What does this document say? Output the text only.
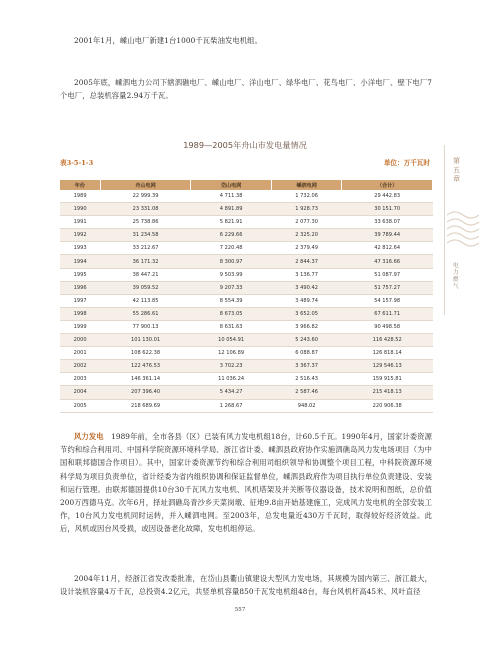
2001年1月，嵊山电厂新建1台1000千瓦柴油发电机组。

2005年底，嵊泗电力公司下辖泗礁电厂、嵊山电厂、洋山电厂、绿华电厂、花鸟电厂、小洋电厂、壁下电厂7个电厂，总装机容量2.94万千瓦。

1989—2005年舟山市发电量情况
表3-5-1-3	单位：万千瓦时
年份	舟山电网	岱山电网	嵊泗电网	（合计）
1989	22 999.39	4 711.38	1 732.06	29 442.83
1990	23 331.08	4 891.89	1 928.73	30 151.70
1991	25 738.86	5 821.91	2 077.30	33 638.07
1992	31 234.58	6 229.66	2 325.20	39 789.44
1993	33 212.67	7 220.48	2 379.49	42 812.64
1994	36 171.32	8 300.97	2 844.37	47 316.66
1995	38 447.21	9 503.99	3 136.77	51 087.97
1996	39 059.52	9 207.33	3 490.42	51 757.27
1997	42 113.85	8 554.39	3 489.74	54 157.98
1998	55 286.61	8 673.05	3 652.05	67 611.71
1999	77 900.13	8 631.63	3 966.82	90 498.58
2000	101 130.01	10 054.91	5 243.60	116 428.52
2001	108 622.38	12 106.89	6 088.87	126 818.14
2002	122 476.53	3 702.23	3 367.37	129 546.13
2003	146 361.14	11 036.24	2 516.43	159 915.81
2004	207 396.40	5 434.27	2 587.46	215 418.13
2005	218 689.69	1 268.67	948.02	220 906.38

风力发电　 1989年前，全市各县（区）已装有风力发电机组18台，计60.5千瓦。1990年4月，国家计委资源节约和综合利用司、中国科学院资源环境科学局、浙江省计委、嵊泗县政府协作实施泗礁岛风力发电场项目（为中国和联邦德国合作项目）。其中，国家计委资源节约和综合利用司组织领导和协调整个项目工程，中科院资源环境科学局为项目负责单位，省计经委为省内组织协调和保证监督单位，嵊泗县政府作为项目执行单位负责建设、安装和运行管理。由联邦德国提供10台30千瓦风力发电机、风机塔架及并关断等仪器设备，技术说明和图纸，总价值200万西德马克。次年6月，择址泗礁岛青沙乡天菜岗墩、征地9.8亩开始基建施工，完成风力发电机的全部安装工作，10台风力发电机同时运转，并入嵊泗电网。至2003年，总发电量近430万千瓦时，取得较好经济效益。此后，风机或因台风受损，或因设备老化故障，发电机组停运。

2004年11月，经浙江省发改委批准，在岱山县衢山镇建设大型风力发电场，其规模为国内第三、浙江最大，设计装机容量4万千瓦，总投资4.2亿元，共竖单机容量850千瓦发电机组48台，每台风机杆高45米、风叶直径

第五章
电力 燃气
557
